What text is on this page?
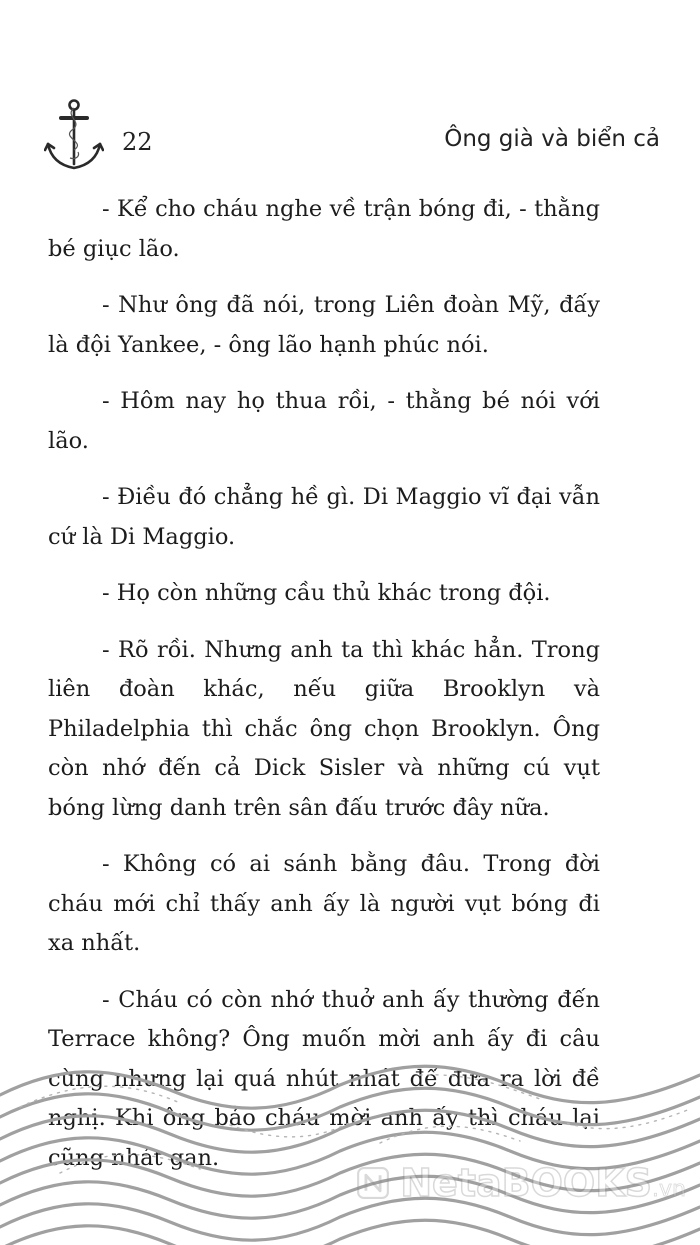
22	Ông già và biển cả

- Kể cho cháu nghe về trận bóng đi, - thằng bé giục lão.

- Như ông đã nói, trong Liên đoàn Mỹ, đấy là đội Yankee, - ông lão hạnh phúc nói.

- Hôm nay họ thua rồi, - thằng bé nói với lão.

- Điều đó chẳng hề gì. Di Maggio vĩ đại vẫn cứ là Di Maggio.

- Họ còn những cầu thủ khác trong đội.

- Rõ rồi. Nhưng anh ta thì khác hẳn. Trong liên đoàn khác, nếu giữa Brooklyn và Philadelphia thì chắc ông chọn Brooklyn. Ông còn nhớ đến cả Dick Sisler và những cú vụt bóng lừng danh trên sân đấu trước đây nữa.

- Không có ai sánh bằng đâu. Trong đời cháu mới chỉ thấy anh ấy là người vụt bóng đi xa nhất.

- Cháu có còn nhớ thuở anh ấy thường đến Terrace không? Ông muốn mời anh ấy đi câu cùng nhưng lại quá nhút nhát để đưa ra lời đề nghị. Khi ông bảo cháu mời anh ấy thì cháu lại cũng nhát gan.

NetaBOOKS.vn
